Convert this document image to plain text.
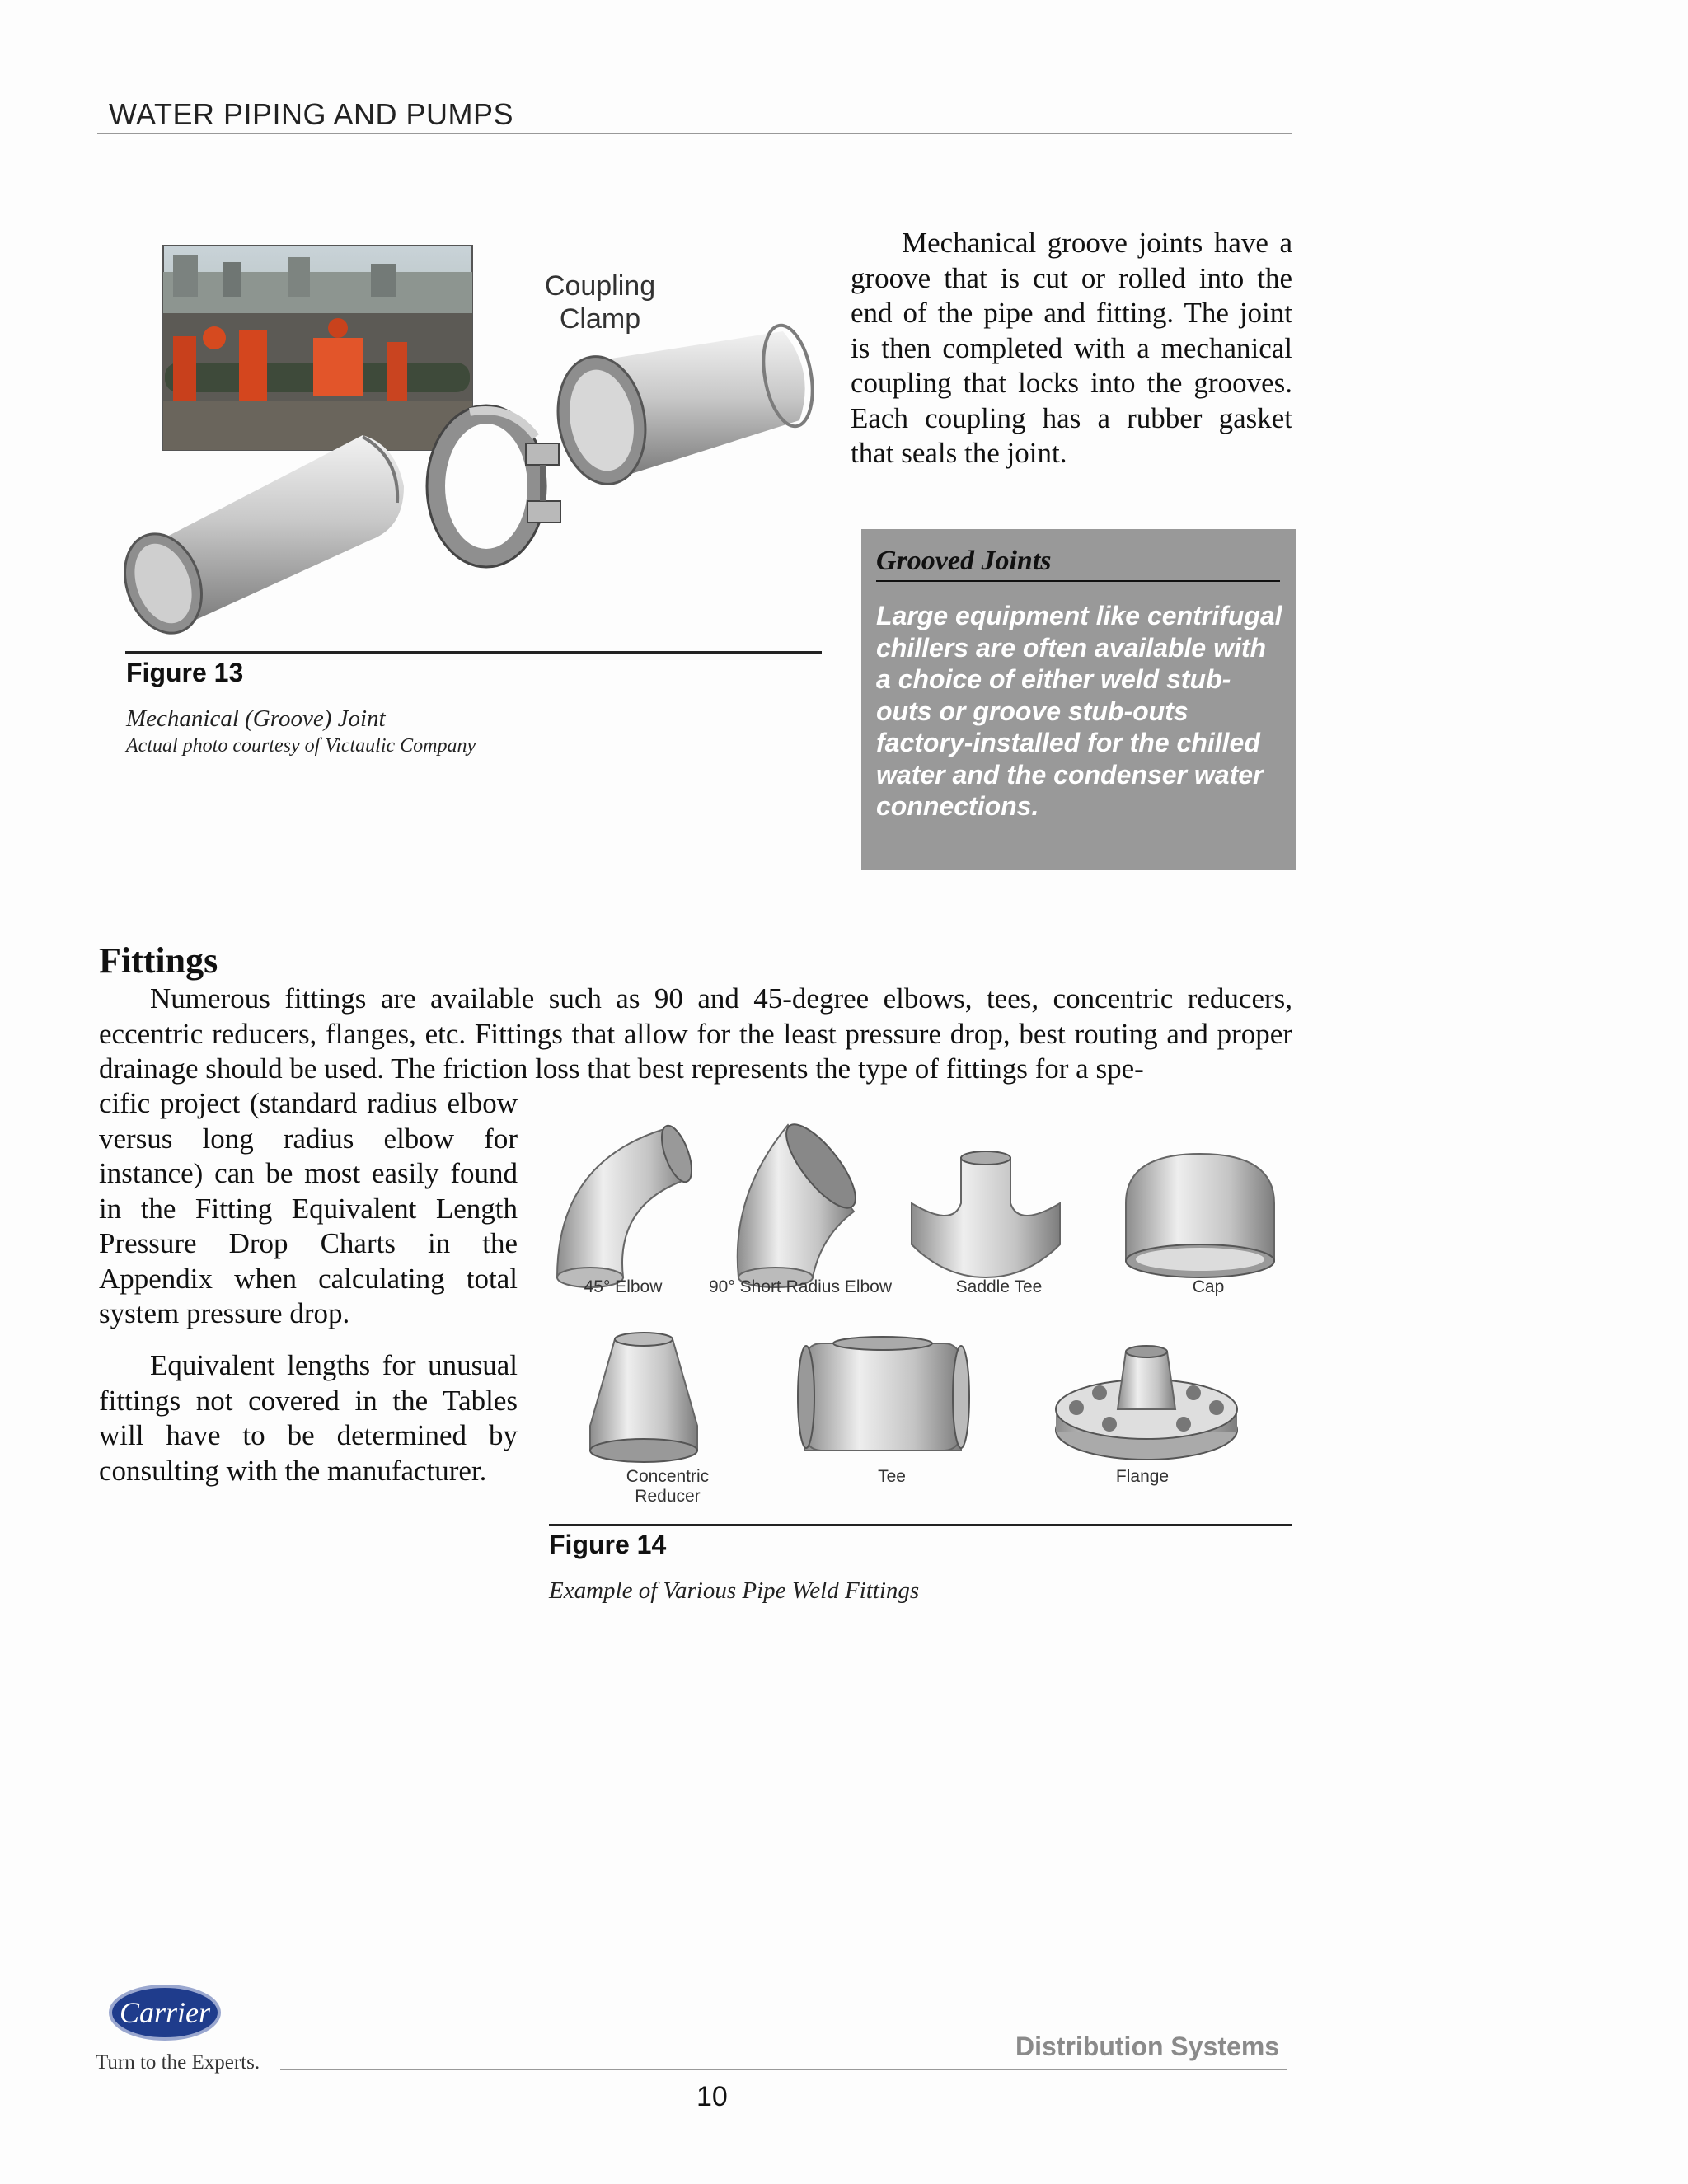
WATER PIPING AND PUMPS
Coupling
Clamp
Figure 13
Mechanical (Groove) Joint
Actual photo courtesy of Victaulic Company

Mechanical groove joints have a groove that is cut or rolled into the end of the pipe and fitting. The joint is then completed with a mechanical coupling that locks into the grooves. Each coupling has a rubber gasket that seals the joint.

Grooved Joints
Large equipment like centrifugal chillers are often available with a choice of either weld stub-outs or groove stub-outs factory-installed for the chilled water and the condenser water connections.
Fittings

Numerous fittings are available such as 90 and 45-degree elbows, tees, concentric reducers, eccentric reducers, flanges, etc. Fittings that allow for the least pressure drop, best routing and proper drainage should be used. The friction loss that best represents the type of fittings for a spe-

cific project (standard radius elbow versus long radius elbow for instance) can be most easily found in the Fitting Equivalent Length Pressure Drop Charts in the Appendix when calculating total system pressure drop.

Equivalent lengths for unusual fittings not covered in the Tables will have to be determined by consulting with the manufacturer.

45° Elbow	90° Short Radius Elbow	Saddle Tee	Cap
Concentric
Reducer
Tee	Flange
Figure 14
Example of Various Pipe Weld Fittings
Carrier
Turn to the Experts.
Distribution Systems
10
